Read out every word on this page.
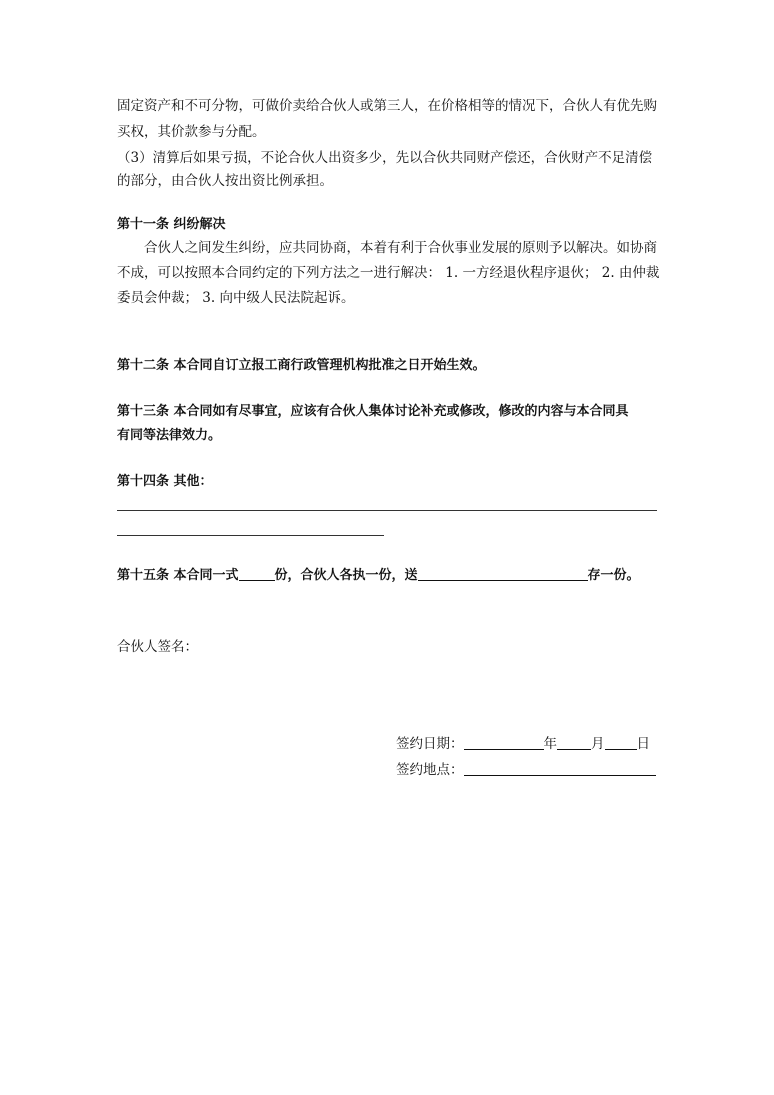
固定资产和不可分物，可做价卖给合伙人或第三人，在价格相等的情况下，合伙人有优先购
买权，其价款参与分配。
（3）清算后如果亏损，不论合伙人出资多少，先以合伙共同财产偿还，合伙财产不足清偿
的部分，由合伙人按出资比例承担。
第十一条 纠纷解决
合伙人之间发生纠纷，应共同协商，本着有利于合伙事业发展的原则予以解决。如协商
不成，可以按照本合同约定的下列方法之一进行解决： 1. 一方经退伙程序退伙； 2. 由仲裁
委员会仲裁； 3. 向中级人民法院起诉。
第十二条 本合同自订立报工商行政管理机构批准之日开始生效。
第十三条 本合同如有尽事宜，应该有合伙人集体讨论补充或修改，修改的内容与本合同具
有同等法律效力。
第十四条 其他：
第十五条 本合同一式	份，合伙人各执一份，送	存一份。
合伙人签名：
签约日期：	年	月 日
签约地点：
